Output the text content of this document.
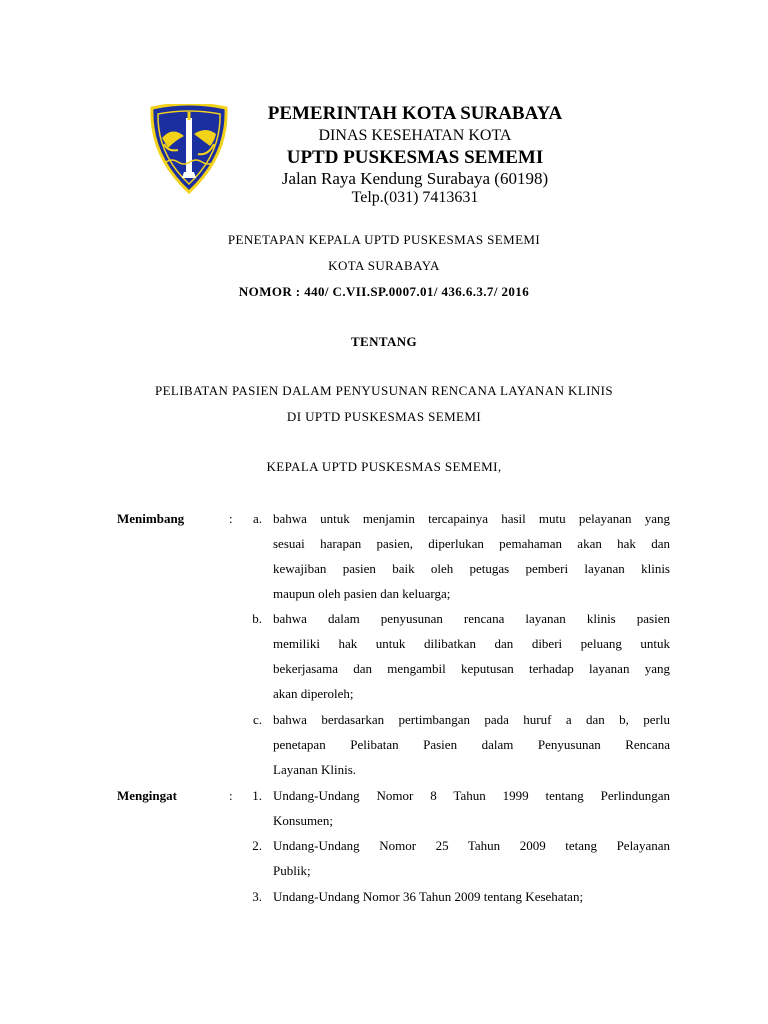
PEMERINTAH KOTA SURABAYA
DINAS KESEHATAN KOTA
UPTD PUSKESMAS SEMEMI
Jalan Raya Kendung Surabaya (60198)
Telp.(031) 7413631
PENETAPAN KEPALA UPTD PUSKESMAS SEMEMI
KOTA SURABAYA
NOMOR : 440/ C.VII.SP.0007.01/ 436.6.3.7/ 2016
TENTANG
PELIBATAN PASIEN DALAM PENYUSUNAN RENCANA LAYANAN KLINIS
DI UPTD PUSKESMAS SEMEMI
KEPALA UPTD PUSKESMAS SEMEMI,
Menimbang	:	a. bahwa untuk menjamin tercapainya hasil mutu pelayanan yang
sesuai harapan pasien, diperlukan pemahaman akan hak dan
kewajiban pasien baik oleh petugas pemberi layanan klinis
maupun oleh pasien dan keluarga;
b. bahwa dalam penyusunan rencana layanan klinis pasien
memiliki hak untuk dilibatkan dan diberi peluang untuk
bekerjasama dan mengambil keputusan terhadap layanan yang
akan diperoleh;
c. bahwa berdasarkan pertimbangan pada huruf a dan b, perlu
penetapan Pelibatan Pasien dalam Penyusunan Rencana
Layanan Klinis.
Mengingat	:	1. Undang-Undang Nomor 8 Tahun 1999 tentang Perlindungan
Konsumen;
2. Undang-Undang Nomor 25 Tahun 2009 tetang Pelayanan
Publik;
3. Undang-Undang Nomor 36 Tahun 2009 tentang Kesehatan;
